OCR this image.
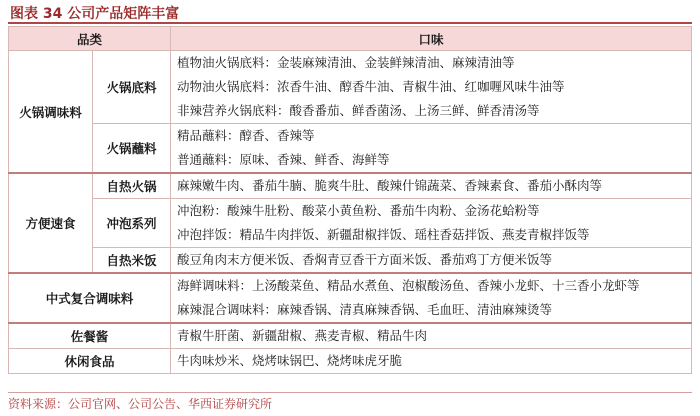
图表 34 公司产品矩阵丰富
品类		口味
火锅调味料	火锅底料	植物油火锅底料：金装麻辣清油、金装鲜辣清油、麻辣清油等
动物油火锅底料：浓香牛油、醇香牛油、青椒牛油、红咖喱风味牛油等
非辣营养火锅底料：酸香番茄、鲜香菌汤、上汤三鲜、鲜香清汤等

	火锅蘸料	精品蘸料：醇香、香辣等
普通蘸料：原味、香辣、鲜香、海鲜等

方便速食	自热火锅	麻辣嫩牛肉、番茄牛腩、脆爽牛肚、酸辣什锦蔬菜、香辣素食、番茄小酥肉等

	冲泡系列	冲泡粉：酸辣牛肚粉、酸菜小黄鱼粉、番茄牛肉粉、金汤花蛤粉等
冲泡拌饭：精品牛肉拌饭、新疆甜椒拌饭、瑶柱香菇拌饭、燕麦青椒拌饭等

	自热米饭	酸豆角肉末方便米饭、香焖青豆香干方面米饭、番茄鸡丁方便米饭等

中式复合调味料		海鲜调味料：上汤酸菜鱼、精品水煮鱼、泡椒酸汤鱼、香辣小龙虾、十三香小龙虾等
麻辣混合调味料：麻辣香锅、清真麻辣香锅、毛血旺、清油麻辣烫等

佐餐酱		青椒牛肝菌、新疆甜椒、燕麦青椒、精品牛肉

休闲食品		牛肉味炒米、烧烤味锅巴、烧烤味虎牙脆
资料来源：公司官网、公司公告、华西证券研究所
